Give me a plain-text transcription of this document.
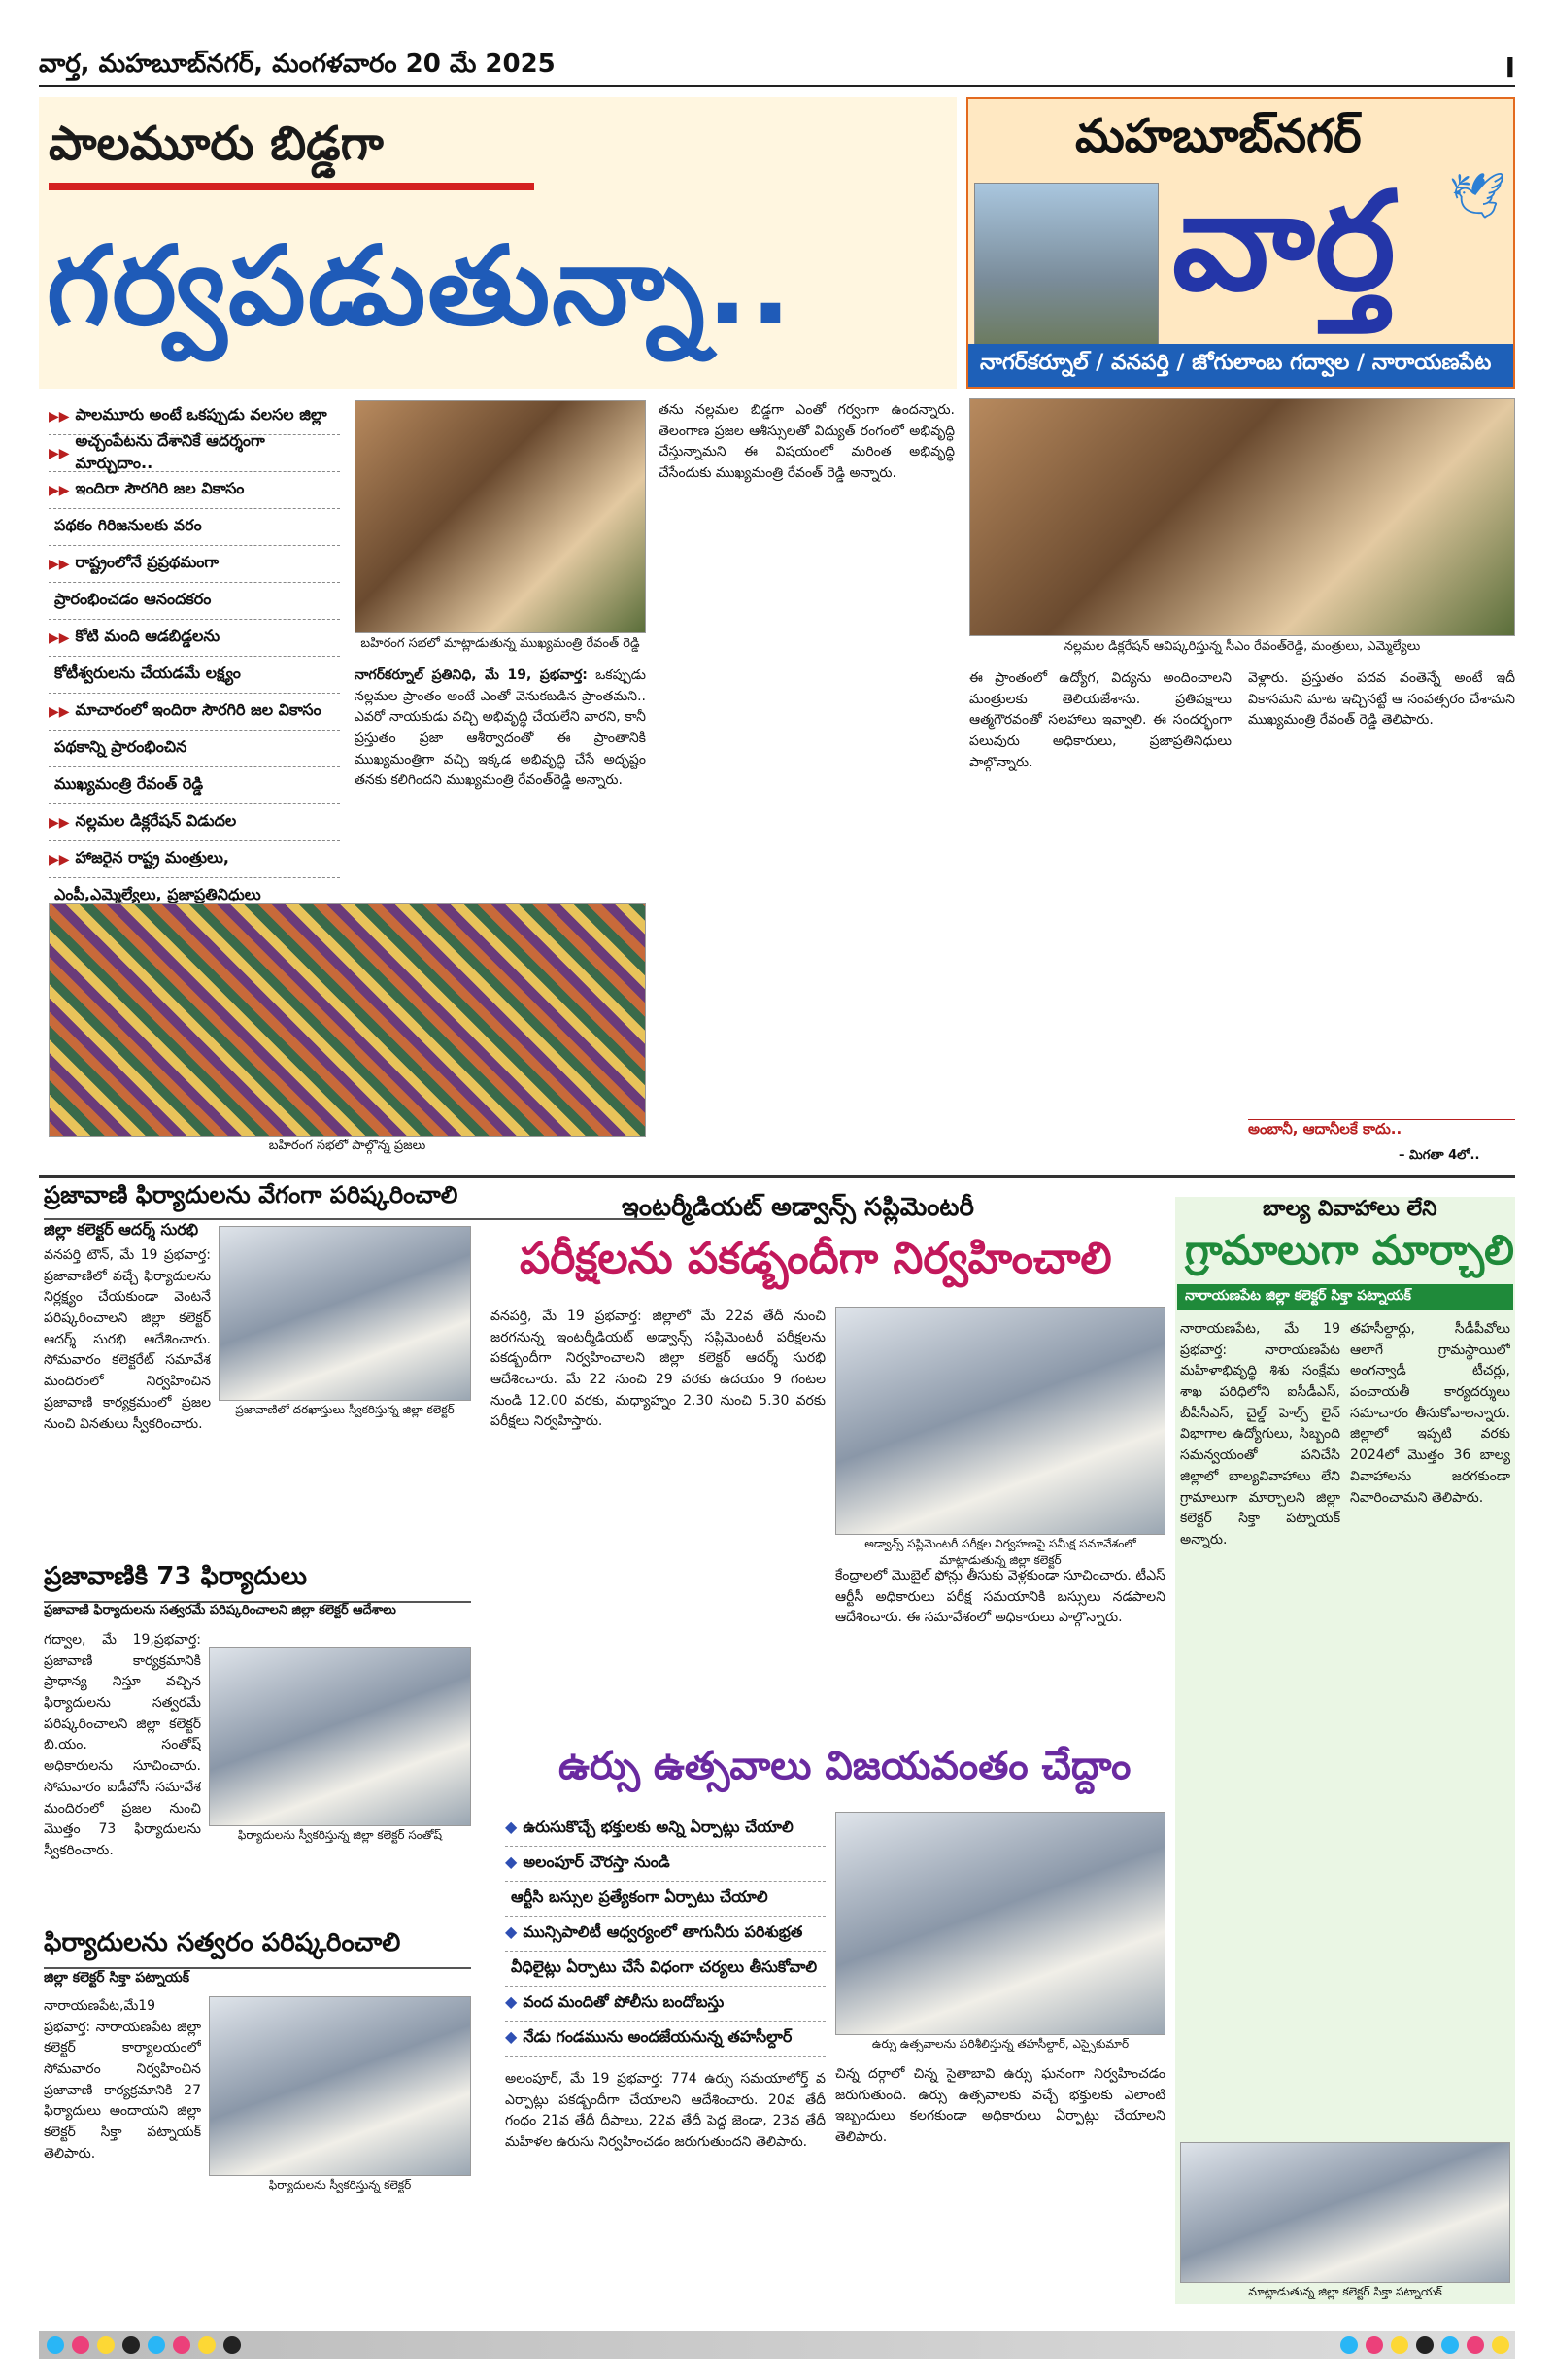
వార్త, మహబూబ్‌నగర్, మంగళవారం 20 మే 2025	I
పాలమూరు బిడ్డగా
గర్వపడుతున్నా..
మహబూబ్‌నగర్
వార్త 🕊
నాగర్‌కర్నూల్ / వనపర్తి / జోగులాంబ గద్వాల / నారాయణపేట
▶▶ పాలమూరు అంటే ఒకప్పుడు వలసల జిల్లా
▶▶
అచ్చంపేటను దేశానికే ఆదర్శంగా మార్చుదాం..
▶▶ ఇందిరా సౌరగిరి జల వికాసం
పథకం గిరిజనులకు వరం
▶▶ రాష్ట్రంలోనే ప్రప్రథమంగా
ప్రారంభించడం ఆనందకరం
▶▶ కోటి మంది ఆడబిడ్డలను
కోటీశ్వరులను చేయడమే లక్ష్యం
▶▶ మాచారంలో ఇందిరా సౌరగిరి జల వికాసం
పథకాన్ని ప్రారంభించిన
ముఖ్యమంత్రి రేవంత్ రెడ్డి
▶▶ నల్లమల డిక్లరేషన్ విడుదల
▶▶ హాజరైన రాష్ట్ర మంత్రులు,
ఎంపీ,ఎమ్మెల్యేలు, ప్రజాప్రతినిధులు
బహిరంగ సభలో మాట్లాడుతున్న ముఖ్యమంత్రి రేవంత్ రెడ్డి

నాగర్‌కర్నూల్ ప్రతినిధి, మే 19, ప్రభవార్త: ఒకప్పుడు నల్లమల ప్రాంతం అంటే ఎంతో వెనుకబడిన ప్రాంతమని.. ఎవరో నాయకుడు వచ్చి అభివృద్ధి చేయలేని వారని, కానీ ప్రస్తుతం ప్రజా ఆశీర్వాదంతో ఈ ప్రాంతానికి ముఖ్యమంత్రిగా వచ్చి ఇక్కడ అభివృద్ధి చేసే అదృష్టం తనకు కలిగిందని ముఖ్యమంత్రి రేవంత్‌రెడ్డి అన్నారు.

తను నల్లమల బిడ్డగా ఎంతో గర్వంగా ఉందన్నారు. తెలంగాణ ప్రజల ఆశీస్సులతో విద్యుత్ రంగంలో అభివృద్ధి చేస్తున్నామని ఈ విషయంలో మరింత అభివృద్ధి చేసేందుకు ముఖ్యమంత్రి రేవంత్ రెడ్డి అన్నారు.

బహిరంగ సభలో పాల్గొన్న ప్రజలు
నల్లమల డిక్లరేషన్ ఆవిష్కరిస్తున్న సీఎం రేవంత్‌రెడ్డి, మంత్రులు, ఎమ్మెల్యేలు

ఈ ప్రాంతంలో ఉద్యోగ, విద్యను అందించాలని మంత్రులకు తెలియజేశాను. ప్రతిపక్షాలు ఆత్మగౌరవంతో సలహాలు ఇవ్వాలి. ఈ సందర్భంగా పలువురు అధికారులు, ప్రజాప్రతినిధులు పాల్గొన్నారు.

వెళ్లారు. ప్రస్తుతం పదవ వంతెన్నే అంటే ఇదీ వికాసమని మాట ఇచ్చినట్టే ఆ సంవత్సరం చేశామని ముఖ్యమంత్రి రేవంత్ రెడ్డి తెలిపారు.

అంబానీ, ఆదానీలకే కాదు..
– మిగతా 4లో..
ప్రజావాణి ఫిర్యాదులను వేగంగా పరిష్కరించాలి
జిల్లా కలెక్టర్ ఆదర్శ్ సురభి
ప్రజావాణిలో దరఖాస్తులు స్వీకరిస్తున్న జిల్లా కలెక్టర్

వనపర్తి టౌన్, మే 19 ప్రభవార్త: ప్రజావాణిలో వచ్చే ఫిర్యాదులను నిర్లక్ష్యం చేయకుండా వెంటనే పరిష్కరించాలని జిల్లా కలెక్టర్ ఆదర్శ్ సురభి ఆదేశించారు. సోమవారం కలెక్టరేట్ సమావేశ మందిరంలో నిర్వహించిన ప్రజావాణి కార్యక్రమంలో ప్రజల నుంచి వినతులు స్వీకరించారు.

ప్రజావాణికి 73 ఫిర్యాదులు
ప్రజావాణి ఫిర్యాదులను సత్వరమే పరిష్కరించాలని జిల్లా కలెక్టర్ ఆదేశాలు
ఫిర్యాదులను స్వీకరిస్తున్న జిల్లా కలెక్టర్ సంతోష్

గద్వాల, మే 19,ప్రభవార్త: ప్రజావాణి కార్యక్రమానికి ప్రాధాన్య నిస్తూ వచ్చిన ఫిర్యాదులను సత్వరమే పరిష్కరించాలని జిల్లా కలెక్టర్ బి.యం. సంతోష్ అధికారులను సూచించారు. సోమవారం ఐడీవోసీ సమావేశ మందిరంలో ప్రజల నుంచి మొత్తం 73 ఫిర్యాదులను స్వీకరించారు.

ఫిర్యాదులను సత్వరం పరిష్కరించాలి
జిల్లా కలెక్టర్ సిక్తా పట్నాయక్
ఫిర్యాదులను స్వీకరిస్తున్న కలెక్టర్

నారాయణపేట,మే19 ప్రభవార్త: నారాయణపేట జిల్లా కలెక్టర్ కార్యాలయంలో సోమవారం నిర్వహించిన ప్రజావాణి కార్యక్రమానికి 27 ఫిర్యాదులు అందాయని జిల్లా కలెక్టర్ సిక్తా పట్నాయక్ తెలిపారు.

ఇంటర్మీడియట్ అడ్వాన్స్ సప్లిమెంటరీ
పరీక్షలను పకడ్బందీగా నిర్వహించాలి

వనపర్తి, మే 19 ప్రభవార్త: జిల్లాలో మే 22వ తేదీ నుంచి జరగనున్న ఇంటర్మీడియట్ అడ్వాన్స్ సప్లిమెంటరీ పరీక్షలను పకడ్బందీగా నిర్వహించాలని జిల్లా కలెక్టర్ ఆదర్శ్ సురభి ఆదేశించారు. మే 22 నుంచి 29 వరకు ఉదయం 9 గంటల నుండి 12.00 వరకు, మధ్యాహ్నం 2.30 నుంచి 5.30 వరకు పరీక్షలు నిర్వహిస్తారు.

అడ్వాన్స్ సప్లిమెంటరీ పరీక్షల నిర్వహణపై సమీక్ష సమావేశంలో మాట్లాడుతున్న జిల్లా కలెక్టర్

కేంద్రాలలో మొబైల్ ఫోన్లు తీసుకు వెళ్లకుండా సూచించారు. టీఎస్ ఆర్టీసీ అధికారులు పరీక్ష సమయానికి బస్సులు నడపాలని ఆదేశించారు. ఈ సమావేశంలో అధికారులు పాల్గొన్నారు.

ఉర్సు ఉత్సవాలు విజయవంతం చేద్దాం
◆ ఉరుసుకొచ్చే భక్తులకు అన్ని ఏర్పాట్లు చేయాలి
◆ అలంపూర్ చౌరస్తా నుండి
ఆర్టీసి బస్సుల ప్రత్యేకంగా ఏర్పాటు చేయాలి
◆ మున్సిపాలిటీ ఆధ్వర్యంలో తాగునీరు పరిశుభ్రత
వీధిలైట్లు ఏర్పాటు చేసే విధంగా చర్యలు తీసుకోవాలి
◆ వంద మందితో పోలీసు బందోబస్తు
◆ నేడు గండమును అందజేయనున్న తహసీల్దార్	ఉర్సు ఉత్సవాలను పరిశీలిస్తున్న తహసీల్దార్, ఎస్సైకుమార్

అలంపూర్, మే 19 ప్రభవార్త: 774 ఉర్సు సమయాలోర్త్ వ ఎర్పాట్లు పకడ్బందీగా చేయాలని ఆదేశించారు. 20వ తేదీ గంధం 21వ తేదీ దీపాలు, 22వ తేదీ పెద్ద జెండా, 23వ తేదీ మహిళల ఉరుసు నిర్వహించడం జరుగుతుందని తెలిపారు.

చిన్న దర్గాలో చిన్న సైతాబావి ఉర్సు ఘనంగా నిర్వహించడం జరుగుతుంది. ఉర్సు ఉత్సవాలకు వచ్చే భక్తులకు ఎలాంటి ఇబ్బందులు కలగకుండా అధికారులు ఏర్పాట్లు చేయాలని తెలిపారు.

బాల్య వివాహాలు లేని
గ్రామాలుగా మార్చాలి
నారాయణపేట జిల్లా కలెక్టర్ సిక్తా పట్నాయక్

నారాయణపేట, మే 19 ప్రభవార్త: నారాయణపేట మహిళాభివృద్ధి శిశు సంక్షేమ శాఖ పరిధిలోని ఐసీడీఎస్, బీపీసీఎస్, చైల్డ్ హెల్ప్ లైన్ విభాగాల ఉద్యోగులు, సిబ్బంది సమన్వయంతో పనిచేసి జిల్లాలో బాల్యవివాహాలు లేని గ్రామాలుగా మార్చాలని జిల్లా కలెక్టర్ సిక్తా పట్నాయక్ అన్నారు.

తహసీల్దార్లు, సీడీపీవోలు ఆలాగే గ్రామస్థాయిలో అంగన్వాడీ టీచర్లు, పంచాయతీ కార్యదర్శులు సమాచారం తీసుకోవాలన్నారు. జిల్లాలో ఇప్పటి వరకు 2024లో మొత్తం 36 బాల్య వివాహాలను జరగకుండా నివారించామని తెలిపారు.

మాట్లాడుతున్న జిల్లా కలెక్టర్ సిక్తా పట్నాయక్
